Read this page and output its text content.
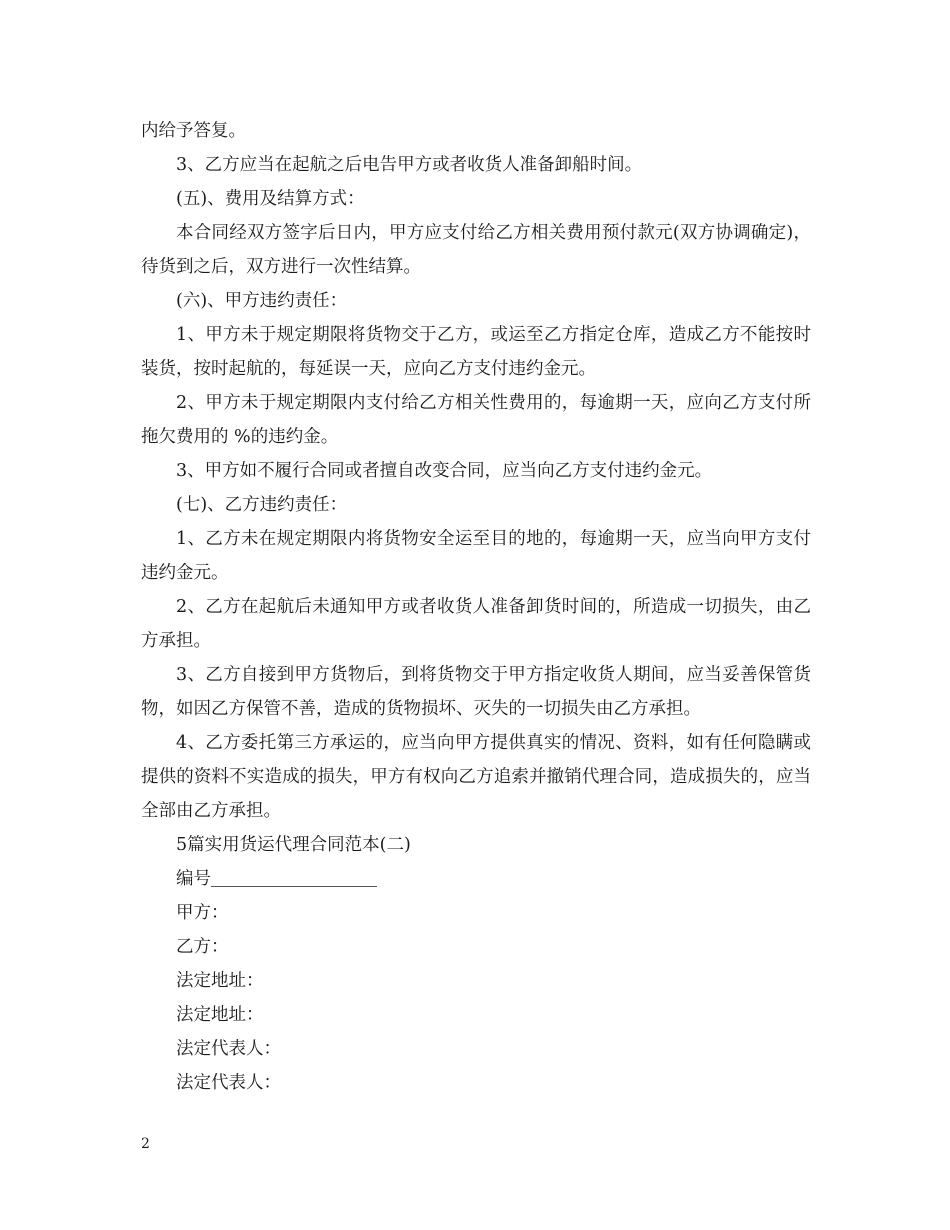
内给予答复。

3、乙方应当在起航之后电告甲方或者收货人准备卸船时间。

(五)、费用及结算方式：

本合同经双方签字后日内，甲方应支付给乙方相关费用预付款元(双方协调确定)，待货到之后，双方进行一次性结算。

(六)、甲方违约责任：

1、甲方未于规定期限将货物交于乙方，或运至乙方指定仓库，造成乙方不能按时装货，按时起航的，每延误一天，应向乙方支付违约金元。

2、甲方未于规定期限内支付给乙方相关性费用的，每逾期一天，应向乙方支付所拖欠费用的 %的违约金。

3、甲方如不履行合同或者擅自改变合同，应当向乙方支付违约金元。

(七)、乙方违约责任：

1、乙方未在规定期限内将货物安全运至目的地的，每逾期一天，应当向甲方支付违约金元。

2、乙方在起航后未通知甲方或者收货人准备卸货时间的，所造成一切损失，由乙方承担。

3、乙方自接到甲方货物后，到将货物交于甲方指定收货人期间，应当妥善保管货物，如因乙方保管不善，造成的货物损坏、灭失的一切损失由乙方承担。

4、乙方委托第三方承运的，应当向甲方提供真实的情况、资料，如有任何隐瞒或提供的资料不实造成的损失，甲方有权向乙方追索并撤销代理合同，造成损失的，应当全部由乙方承担。

5篇实用货运代理合同范本(二)

编号

甲方：

乙方：

法定地址：

法定地址：

法定代表人：

法定代表人：

2
